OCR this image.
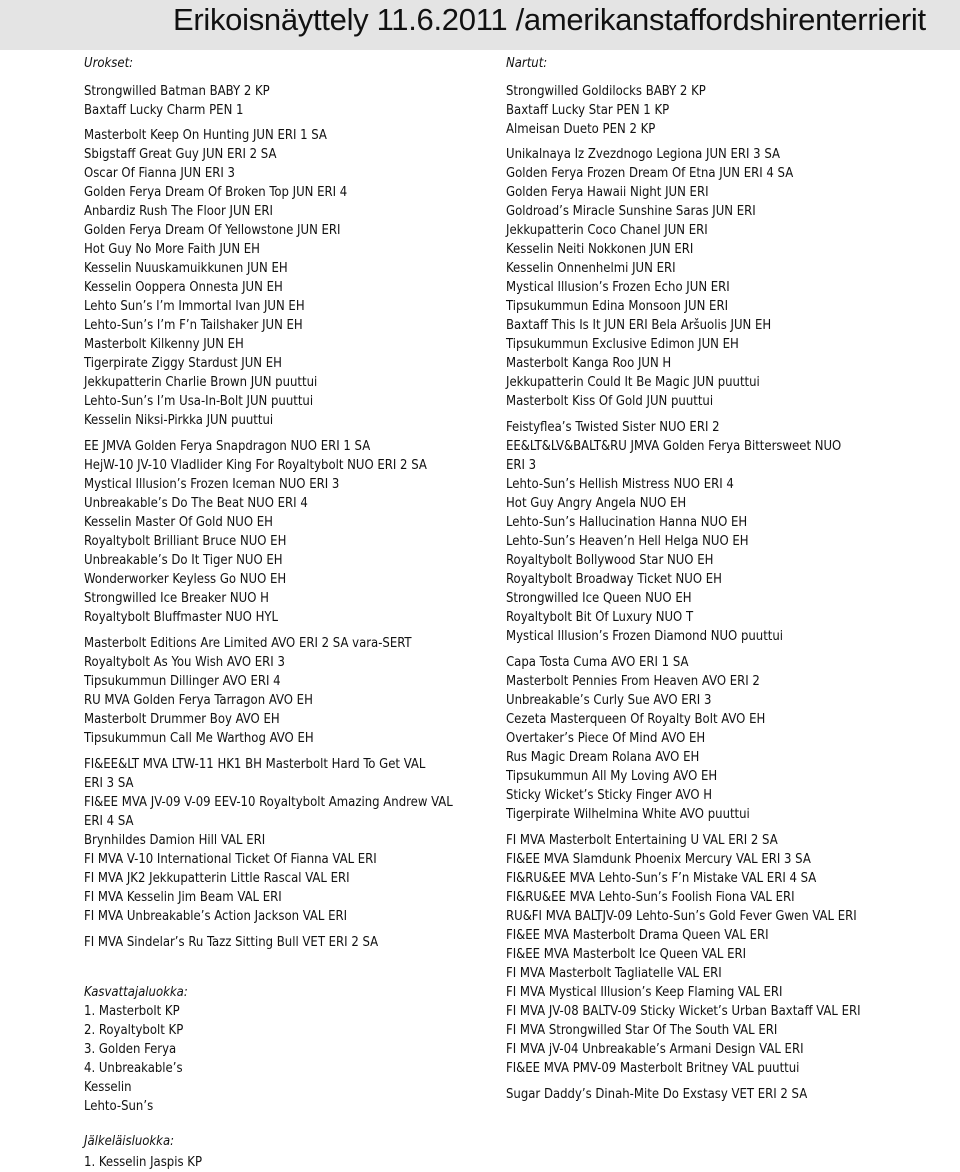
Erikoisnäyttely 11.6.2011 /amerikanstaffordshirenterrierit
Urokset:
Kasvattajaluokka:
Jälkeläisluokka:
Nartut:
Strongwilled Batman BABY 2 KP
Baxtaff Lucky Charm PEN 1
Masterbolt Keep On Hunting JUN ERI 1 SA
Sbigstaff Great Guy JUN ERI 2 SA
Oscar Of Fianna JUN ERI 3
Golden Ferya Dream Of Broken Top JUN ERI 4
Anbardiz Rush The Floor JUN ERI
Golden Ferya Dream Of Yellowstone JUN ERI
Hot Guy No More Faith JUN EH
Kesselin Nuuskamuikkunen JUN EH
Kesselin Ooppera Onnesta JUN EH
Lehto Sun’s I’m Immortal Ivan JUN EH
Lehto-Sun’s I’m F’n Tailshaker JUN EH
Masterbolt Kilkenny JUN EH
Tigerpirate Ziggy Stardust JUN EH
Jekkupatterin Charlie Brown JUN puuttui
Lehto-Sun’s I’m Usa-In-Bolt JUN puuttui
Kesselin Niksi-Pirkka JUN puuttui
EE JMVA Golden Ferya Snapdragon NUO ERI 1 SA
HejW-10 JV-10 Vladlider King For Royaltybolt NUO ERI 2 SA
Mystical Illusion’s Frozen Iceman NUO ERI 3
Unbreakable’s Do The Beat NUO ERI 4
Kesselin Master Of Gold NUO EH
Royaltybolt Brilliant Bruce NUO EH
Unbreakable’s Do It Tiger NUO EH
Wonderworker Keyless Go NUO EH
Strongwilled Ice Breaker NUO H
Royaltybolt Bluffmaster NUO HYL
Masterbolt Editions Are Limited AVO ERI 2 SA vara-SERT
Royaltybolt As You Wish AVO ERI 3
Tipsukummun Dillinger AVO ERI 4
RU MVA Golden Ferya Tarragon AVO EH
Masterbolt Drummer Boy AVO EH
Tipsukummun Call Me Warthog AVO EH
FI&EE&LT MVA LTW-11 HK1 BH Masterbolt Hard To Get VAL
ERI 3 SA
FI&EE MVA JV-09 V-09 EEV-10 Royaltybolt Amazing Andrew VAL
ERI 4 SA
Brynhildes Damion Hill VAL ERI
FI MVA V-10 International Ticket Of Fianna VAL ERI
FI MVA JK2 Jekkupatterin Little Rascal VAL ERI
FI MVA Kesselin Jim Beam VAL ERI
FI MVA Unbreakable’s Action Jackson VAL ERI
FI MVA Sindelar’s Ru Tazz Sitting Bull VET ERI 2 SA
1. Masterbolt KP
2. Royaltybolt KP
3. Golden Ferya
4. Unbreakable’s
Kesselin
Lehto-Sun’s
1. Kesselin Jaspis KP
Strongwilled Goldilocks BABY 2 KP
Baxtaff Lucky Star PEN 1 KP
Almeisan Dueto PEN 2 KP
Unikalnaya Iz Zvezdnogo Legiona JUN ERI 3 SA
Golden Ferya Frozen Dream Of Etna JUN ERI 4 SA
Golden Ferya Hawaii Night JUN ERI
Goldroad’s Miracle Sunshine Saras JUN ERI
Jekkupatterin Coco Chanel JUN ERI
Kesselin Neiti Nokkonen JUN ERI
Kesselin Onnenhelmi JUN ERI
Mystical Illusion’s Frozen Echo JUN ERI
Tipsukummun Edina Monsoon JUN ERI
Baxtaff This Is It JUN ERI Bela Aršuolis JUN EH
Tipsukummun Exclusive Edimon JUN EH
Masterbolt Kanga Roo JUN H
Jekkupatterin Could It Be Magic JUN puuttui
Masterbolt Kiss Of Gold JUN puuttui
Feistyflea’s Twisted Sister NUO ERI 2
EE&LT&LV&BALT&RU JMVA Golden Ferya Bittersweet NUO
ERI 3
Lehto-Sun’s Hellish Mistress NUO ERI 4
Hot Guy Angry Angela NUO EH
Lehto-Sun’s Hallucination Hanna NUO EH
Lehto-Sun’s Heaven’n Hell Helga NUO EH
Royaltybolt Bollywood Star NUO EH
Royaltybolt Broadway Ticket NUO EH
Strongwilled Ice Queen NUO EH
Royaltybolt Bit Of Luxury NUO T
Mystical Illusion’s Frozen Diamond NUO puuttui
Capa Tosta Cuma AVO ERI 1 SA
Masterbolt Pennies From Heaven AVO ERI 2
Unbreakable’s Curly Sue AVO ERI 3
Cezeta Masterqueen Of Royalty Bolt AVO EH
Overtaker’s Piece Of Mind AVO EH
Rus Magic Dream Rolana AVO EH
Tipsukummun All My Loving AVO EH
Sticky Wicket’s Sticky Finger AVO H
Tigerpirate Wilhelmina White AVO puuttui
FI MVA Masterbolt Entertaining U VAL ERI 2 SA
FI&EE MVA Slamdunk Phoenix Mercury VAL ERI 3 SA
FI&RU&EE MVA Lehto-Sun’s F’n Mistake VAL ERI 4 SA
FI&RU&EE MVA Lehto-Sun’s Foolish Fiona VAL ERI
RU&FI MVA BALTJV-09 Lehto-Sun’s Gold Fever Gwen VAL ERI
FI&EE MVA Masterbolt Drama Queen VAL ERI
FI&EE MVA Masterbolt Ice Queen VAL ERI
FI MVA Masterbolt Tagliatelle VAL ERI
FI MVA Mystical Illusion’s Keep Flaming VAL ERI
FI MVA JV-08 BALTV-09 Sticky Wicket’s Urban Baxtaff VAL ERI
FI MVA Strongwilled Star Of The South VAL ERI
FI MVA jV-04 Unbreakable’s Armani Design VAL ERI
FI&EE MVA PMV-09 Masterbolt Britney VAL puuttui
Sugar Daddy’s Dinah-Mite Do Exstasy VET ERI 2 SA
